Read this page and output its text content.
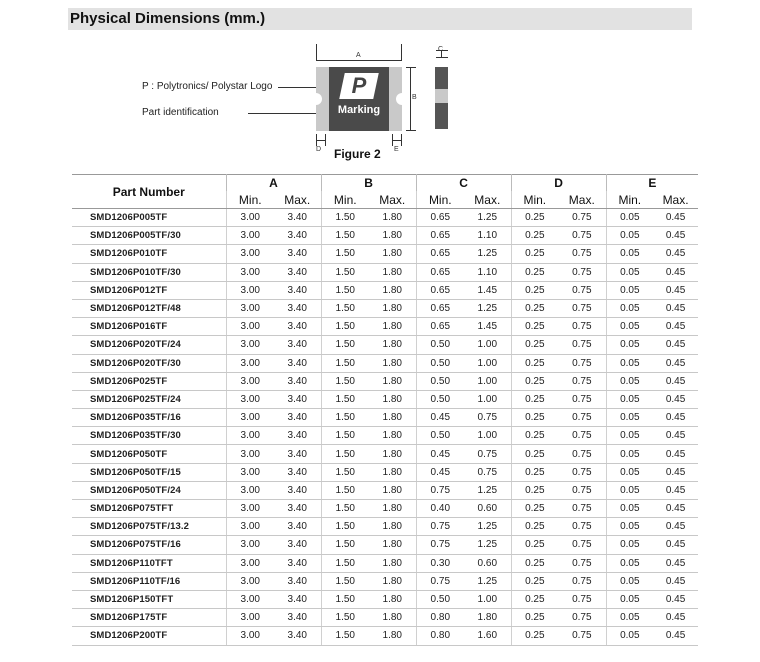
Physical Dimensions (mm.)
A
P : Polytronics/ Polystar Logo
Part identification
P
Marking
B
D	E
Figure 2
Part Number	A		B		C		D		E	
	Min.	Max.	Min.	Max.	Min.	Max.	Min.	Max.	Min.	Max.
SMD1206P005TF	3.00	3.40	1.50	1.80	0.65	1.25	0.25	0.75	0.05	0.45
SMD1206P005TF/30	3.00	3.40	1.50	1.80	0.65	1.10	0.25	0.75	0.05	0.45
SMD1206P010TF	3.00	3.40	1.50	1.80	0.65	1.25	0.25	0.75	0.05	0.45
SMD1206P010TF/30	3.00	3.40	1.50	1.80	0.65	1.10	0.25	0.75	0.05	0.45
SMD1206P012TF	3.00	3.40	1.50	1.80	0.65	1.45	0.25	0.75	0.05	0.45
SMD1206P012TF/48	3.00	3.40	1.50	1.80	0.65	1.25	0.25	0.75	0.05	0.45
SMD1206P016TF	3.00	3.40	1.50	1.80	0.65	1.45	0.25	0.75	0.05	0.45
SMD1206P020TF/24	3.00	3.40	1.50	1.80	0.50	1.00	0.25	0.75	0.05	0.45
SMD1206P020TF/30	3.00	3.40	1.50	1.80	0.50	1.00	0.25	0.75	0.05	0.45
SMD1206P025TF	3.00	3.40	1.50	1.80	0.50	1.00	0.25	0.75	0.05	0.45
SMD1206P025TF/24	3.00	3.40	1.50	1.80	0.50	1.00	0.25	0.75	0.05	0.45
SMD1206P035TF/16	3.00	3.40	1.50	1.80	0.45	0.75	0.25	0.75	0.05	0.45
SMD1206P035TF/30	3.00	3.40	1.50	1.80	0.50	1.00	0.25	0.75	0.05	0.45
SMD1206P050TF	3.00	3.40	1.50	1.80	0.45	0.75	0.25	0.75	0.05	0.45
SMD1206P050TF/15	3.00	3.40	1.50	1.80	0.45	0.75	0.25	0.75	0.05	0.45
SMD1206P050TF/24	3.00	3.40	1.50	1.80	0.75	1.25	0.25	0.75	0.05	0.45
SMD1206P075TFT	3.00	3.40	1.50	1.80	0.40	0.60	0.25	0.75	0.05	0.45
SMD1206P075TF/13.2	3.00	3.40	1.50	1.80	0.75	1.25	0.25	0.75	0.05	0.45
SMD1206P075TF/16	3.00	3.40	1.50	1.80	0.75	1.25	0.25	0.75	0.05	0.45
SMD1206P110TFT	3.00	3.40	1.50	1.80	0.30	0.60	0.25	0.75	0.05	0.45
SMD1206P110TF/16	3.00	3.40	1.50	1.80	0.75	1.25	0.25	0.75	0.05	0.45
SMD1206P150TFT	3.00	3.40	1.50	1.80	0.50	1.00	0.25	0.75	0.05	0.45
SMD1206P175TF	3.00	3.40	1.50	1.80	0.80	1.80	0.25	0.75	0.05	0.45
SMD1206P200TF	3.00	3.40	1.50	1.80	0.80	1.60	0.25	0.75	0.05	0.45
